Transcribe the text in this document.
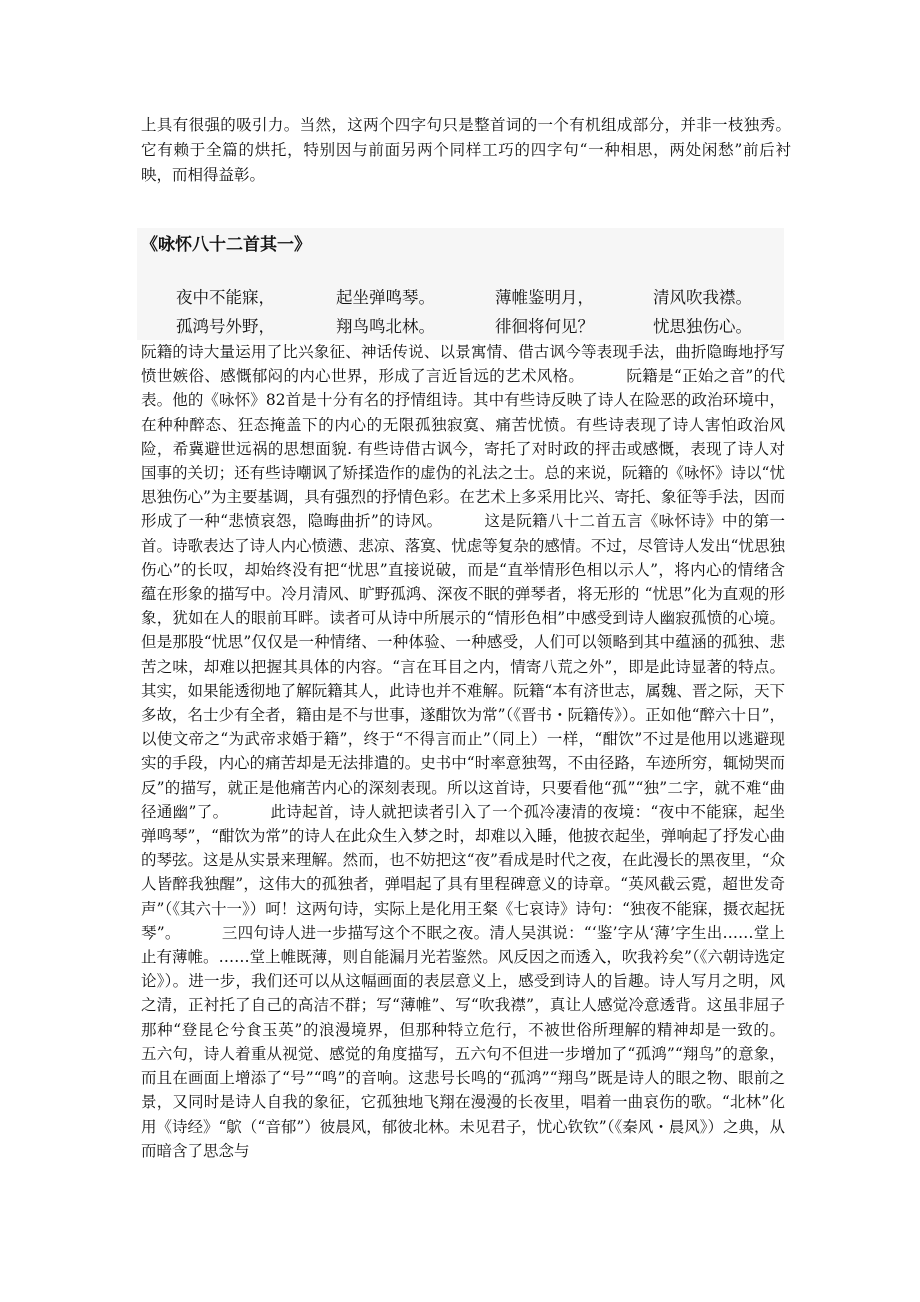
上具有很强的吸引力。当然，这两个四字句只是整首词的一个有机组成部分，并非一枝独秀。它有赖于全篇的烘托，特别因与前面另两个同样工巧的四字句“一种相思，两处闲愁”前后衬映，而相得益彰。

《咏怀八十二首其一》
夜中不能寐，	起坐弹鸣琴。	薄帷鉴明月，	清风吹我襟。
孤鸿号外野，	翔鸟鸣北林。	徘徊将何见？	忧思独伤心。

阮籍的诗大量运用了比兴象征、神话传说、以景寓情、借古讽今等表现手法，曲折隐晦地抒写愤世嫉俗、感慨郁闷的内心世界，形成了言近旨远的艺术风格。        阮籍是“正始之音”的代表。他的《咏怀》82首是十分有名的抒情组诗。其中有些诗反映了诗人在险恶的政治环境中，在种种醉态、狂态掩盖下的内心的无限孤独寂寞、痛苦忧愤。有些诗表现了诗人害怕政治风险，希冀避世远祸的思想面貌. 有些诗借古讽今，寄托了对时政的抨击或感慨，表现了诗人对国事的关切；还有些诗嘲讽了矫揉造作的虚伪的礼法之士。总的来说，阮籍的《咏怀》诗以“忧思独伤心”为主要基调，具有强烈的抒情色彩。在艺术上多采用比兴、寄托、象征等手法，因而形成了一种“悲愤哀怨，隐晦曲折”的诗风。        这是阮籍八十二首五言《咏怀诗》中的第一首。诗歌表达了诗人内心愤懑、悲凉、落寞、忧虑等复杂的感情。不过，尽管诗人发出“忧思独伤心”的长叹，却始终没有把“忧思”直接说破，而是“直举情形色相以示人”，将内心的情绪含蕴在形象的描写中。冷月清风、旷野孤鸿、深夜不眠的弹琴者，将无形的 “忧思”化为直观的形象，犹如在人的眼前耳畔。读者可从诗中所展示的“情形色相”中感受到诗人幽寂孤愤的心境。但是那股“忧思”仅仅是一种情绪、一种体验、一种感受，人们可以领略到其中蕴涵的孤独、悲苦之味，却难以把握其具体的内容。“言在耳目之内，情寄八荒之外”，即是此诗显著的特点。        其实，如果能透彻地了解阮籍其人，此诗也并不难解。阮籍“本有济世志，属魏、晋之际，天下多故，名士少有全者，籍由是不与世事，遂酣饮为常”（《晋书・阮籍传》）。正如他“醉六十日”，以使文帝之“为武帝求婚于籍”，终于“不得言而止”（同上）一样，“酣饮”不过是他用以逃避现实的手段，内心的痛苦却是无法排遣的。史书中“时率意独驾，不由径路，车迹所穷，辄恸哭而反”的描写，就正是他痛苦内心的深刻表现。所以这首诗，只要看他“孤”“独”二字，就不难“曲径通幽”了。        此诗起首，诗人就把读者引入了一个孤冷凄清的夜境：“夜中不能寐，起坐弹鸣琴”，“酣饮为常”的诗人在此众生入梦之时，却难以入睡，他披衣起坐，弹响起了抒发心曲的琴弦。这是从实景来理解。然而，也不妨把这“夜”看成是时代之夜，在此漫长的黑夜里，“众人皆醉我独醒”，这伟大的孤独者，弹唱起了具有里程碑意义的诗章。“英风截云霓，超世发奇声”（《其六十一》）呵！这两句诗，实际上是化用王粲《七哀诗》诗句：“独夜不能寐，摄衣起抚琴”。        三四句诗人进一步描写这个不眠之夜。清人吴淇说：“‘鉴’字从‘薄’字生出……堂上止有薄帷。……堂上帷既薄，则自能漏月光若鉴然。风反因之而透入，吹我衿矣”（《六朝诗选定论》）。进一步，我们还可以从这幅画面的表层意义上，感受到诗人的旨趣。诗人写月之明，风之清，正衬托了自己的高洁不群；写“薄帷”、写“吹我襟”，真让人感觉冷意透背。这虽非屈子那种“登昆仑兮食玉英”的浪漫境界，但那种特立危行，不被世俗所理解的精神却是一致的。        五六句，诗人着重从视觉、感觉的角度描写，五六句不但进一步增加了“孤鸿”“翔鸟”的意象，而且在画面上增添了“号”“鸣”的音响。这悲号长鸣的“孤鸿”“翔鸟”既是诗人的眼之物、眼前之景，又同时是诗人自我的象征，它孤独地飞翔在漫漫的长夜里，唱着一曲哀伤的歌。“北林”化用《诗经》“鴥（“音郁”）彼晨风，郁彼北林。未见君子，忧心钦钦”（《秦风・晨风》）之典，从而暗含了思念与
